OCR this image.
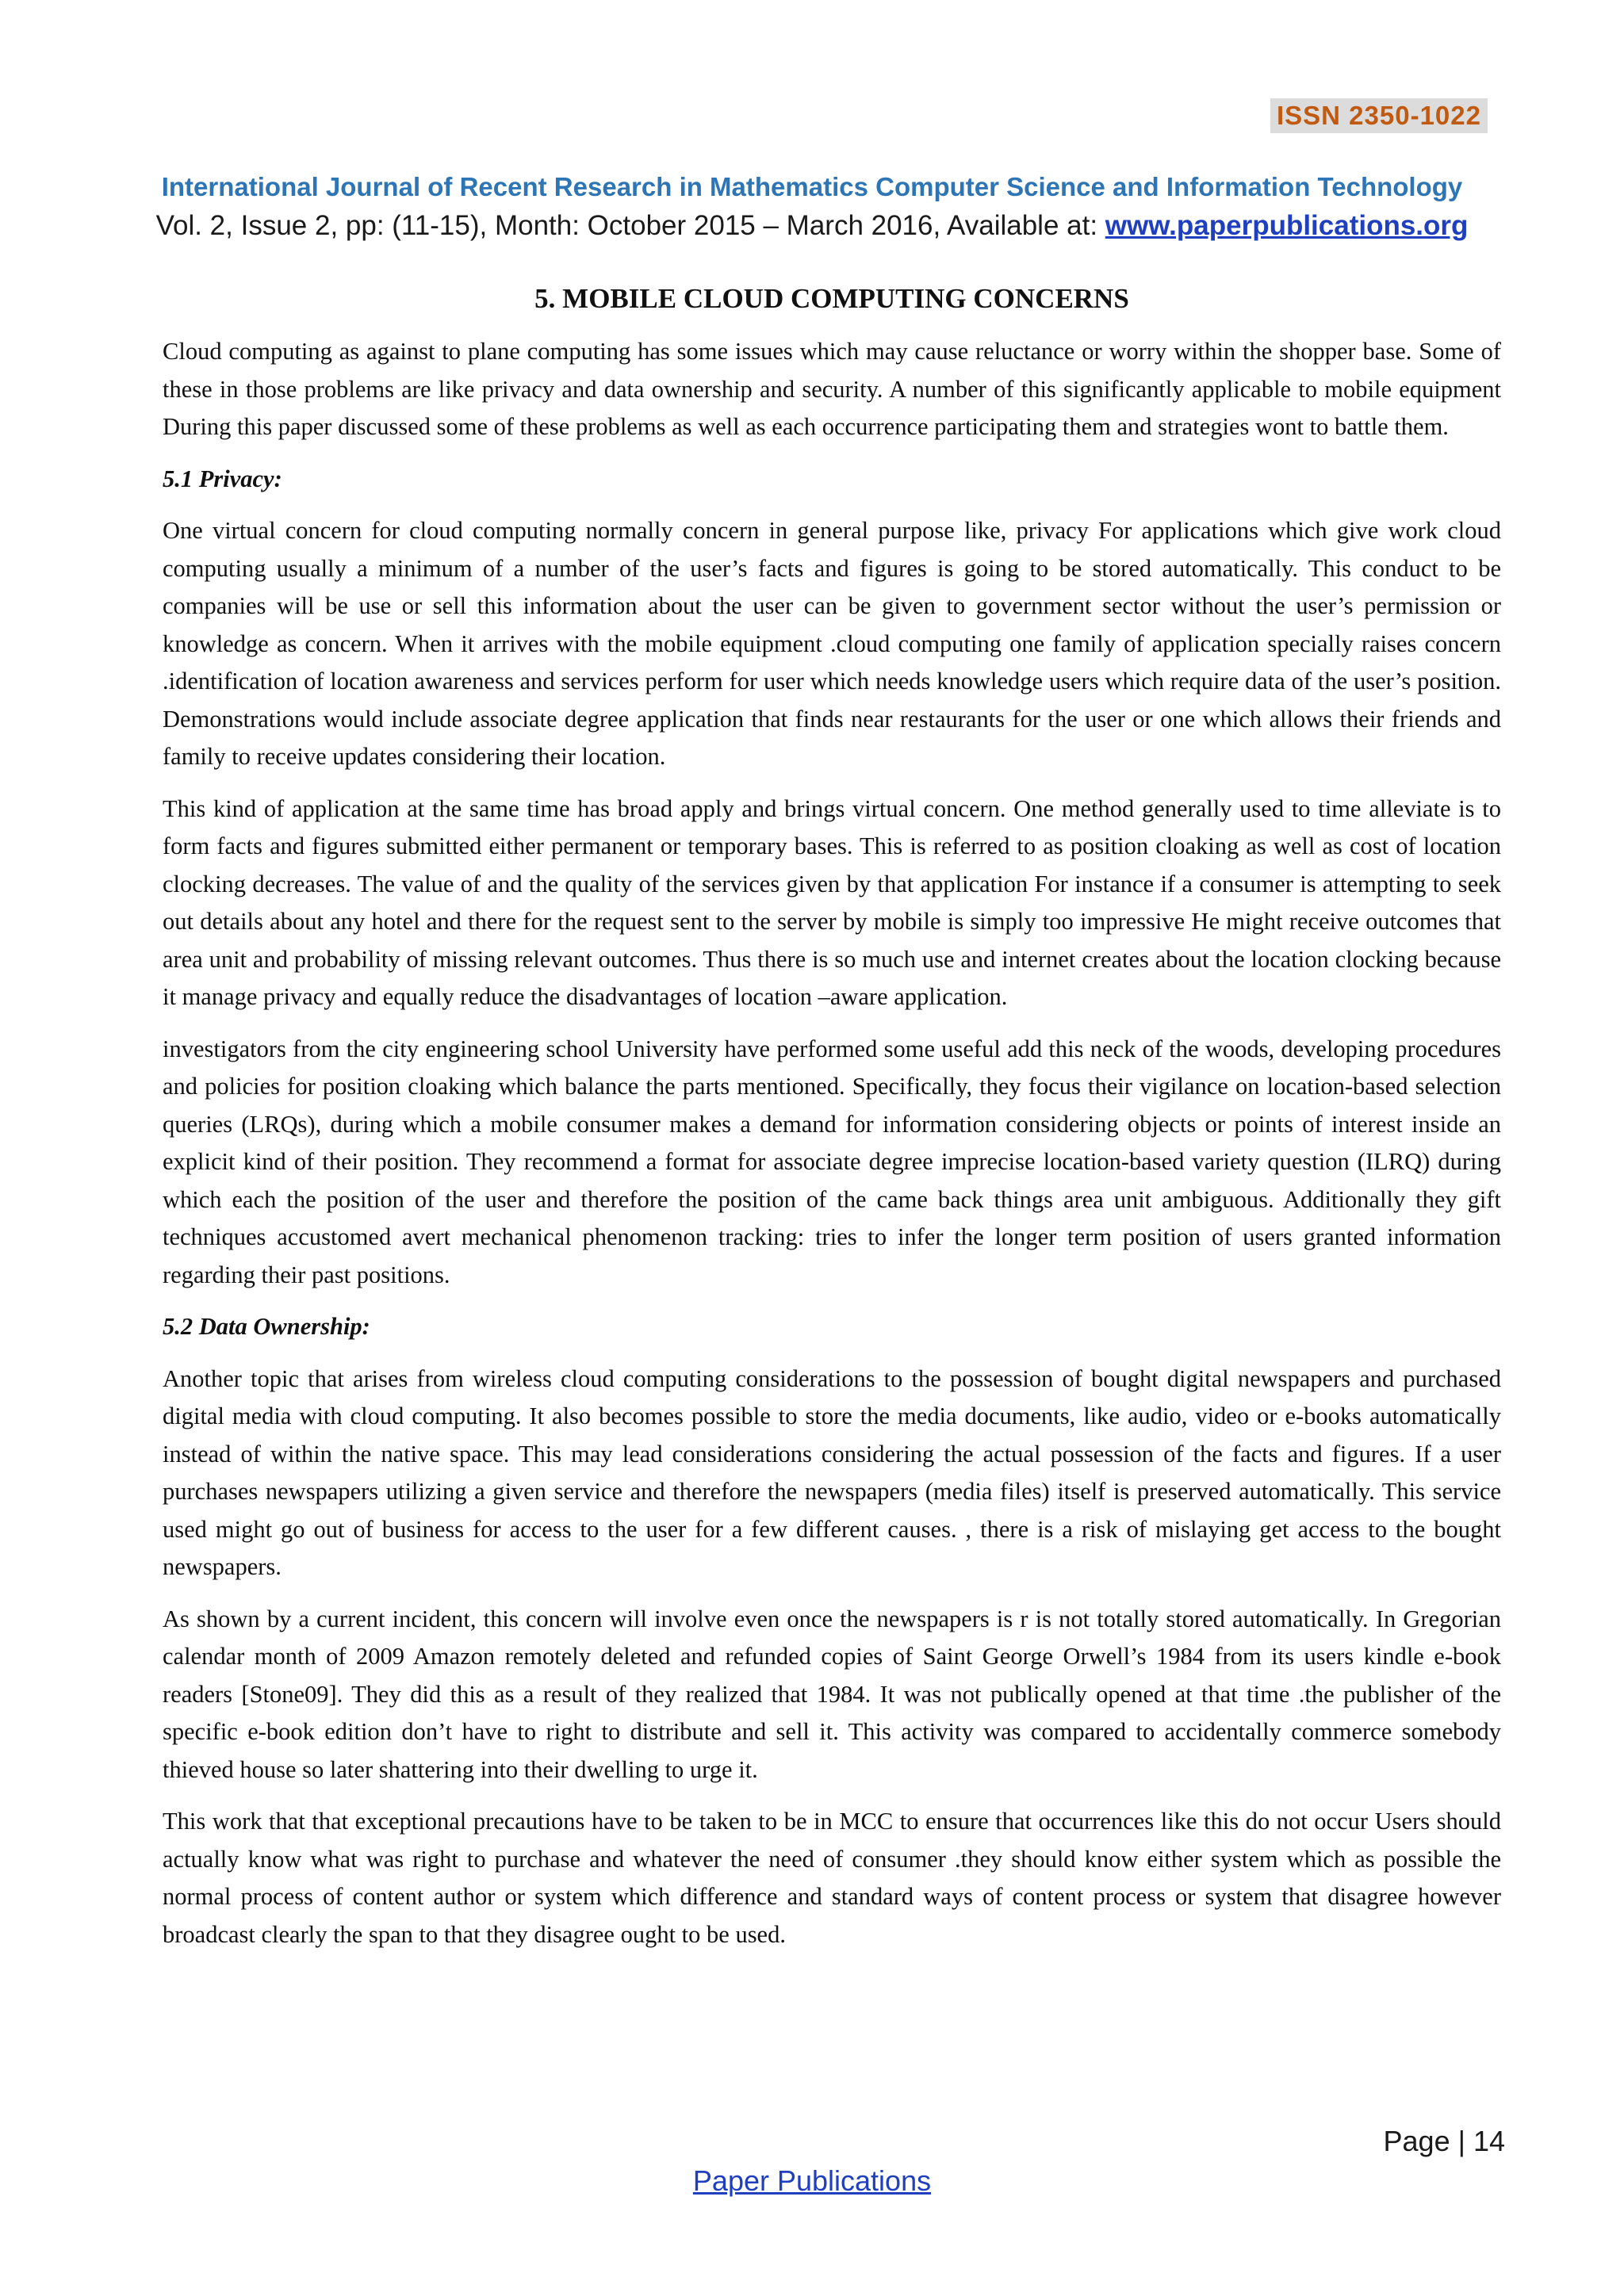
ISSN 2350-1022
International Journal of Recent Research in Mathematics Computer Science and Information Technology
Vol. 2, Issue 2, pp: (11-15), Month: October 2015 – March 2016, Available at: www.paperpublications.org
5. MOBILE CLOUD COMPUTING CONCERNS

Cloud computing as against to plane computing has some issues which may cause reluctance or worry within the shopper base. Some of these in those problems are like privacy and data ownership and security. A number of this significantly applicable to mobile equipment During this paper discussed some of these problems as well as each occurrence participating them and strategies wont to battle them.

5.1 Privacy:

One virtual concern for cloud computing normally concern in general purpose like, privacy For applications which give work cloud computing usually a minimum of a number of the user’s facts and figures is going to be stored automatically. This conduct to be companies will be use or sell this information about the user can be given to government sector without the user’s permission or knowledge as concern. When it arrives with the mobile equipment .cloud computing one family of application specially raises concern .identification of location awareness and services perform for user which needs knowledge users which require data of the user’s position. Demonstrations would include associate degree application that finds near restaurants for the user or one which allows their friends and family to receive updates considering their location.

This kind of application at the same time has broad apply and brings virtual concern. One method generally used to time alleviate is to form facts and figures submitted either permanent or temporary bases. This is referred to as position cloaking as well as cost of location clocking decreases. The value of and the quality of the services given by that application For instance if a consumer is attempting to seek out details about any hotel and there for the request sent to the server by mobile is simply too impressive He might receive outcomes that area unit and probability of missing relevant outcomes. Thus there is so much use and internet creates about the location clocking because it manage privacy and equally reduce the disadvantages of location –aware application.

investigators from the city engineering school University have performed some useful add this neck of the woods, developing procedures and policies for position cloaking which balance the parts mentioned. Specifically, they focus their vigilance on location-based selection queries (LRQs), during which a mobile consumer makes a demand for information considering objects or points of interest inside an explicit kind of their position. They recommend a format for associate degree imprecise location-based variety question (ILRQ) during which each the position of the user and therefore the position of the came back things area unit ambiguous. Additionally they gift techniques accustomed avert mechanical phenomenon tracking: tries to infer the longer term position of users granted information regarding their past positions.

5.2 Data Ownership:

Another topic that arises from wireless cloud computing considerations to the possession of bought digital newspapers and purchased digital media with cloud computing. It also becomes possible to store the media documents, like audio, video or e-books automatically instead of within the native space. This may lead considerations considering the actual possession of the facts and figures. If a user purchases newspapers utilizing a given service and therefore the newspapers (media files) itself is preserved automatically. This service used might go out of business for access to the user for a few different causes. , there is a risk of mislaying get access to the bought newspapers.

As shown by a current incident, this concern will involve even once the newspapers is r is not totally stored automatically. In Gregorian calendar month of 2009 Amazon remotely deleted and refunded copies of Saint George Orwell’s 1984 from its users kindle e-book readers [Stone09]. They did this as a result of they realized that 1984. It was not publically opened at that time .the publisher of the specific e-book edition don’t have to right to distribute and sell it. This activity was compared to accidentally commerce somebody thieved house so later shattering into their dwelling to urge it.

This work that that exceptional precautions have to be taken to be in MCC to ensure that occurrences like this do not occur Users should actually know what was right to purchase and whatever the need of consumer .they should know either system which as possible the normal process of content author or system which difference and standard ways of content process or system that disagree however broadcast clearly the span to that they disagree ought to be used.

Page | 14
Paper Publications
